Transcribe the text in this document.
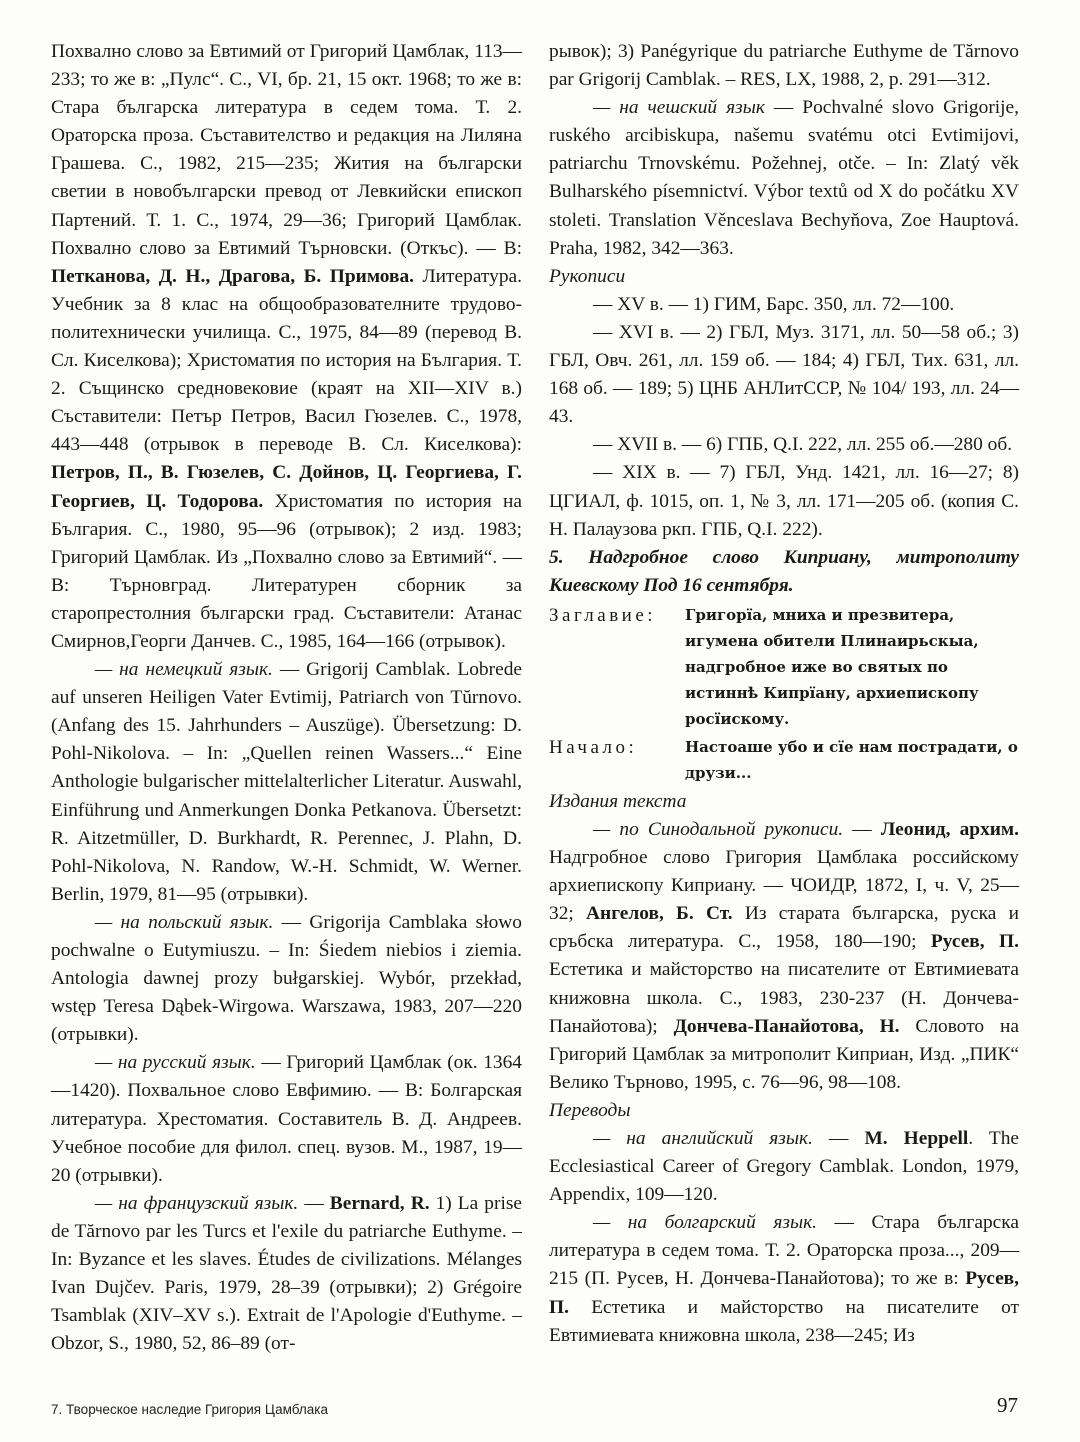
Похвално слово за Евтимий от Григорий Цамблак, 113—233; то же в: „Пулс“. С., VI, бр. 21, 15 окт. 1968; то же в: Стара българска литература в седем тома. Т. 2. Ораторска проза. Съставителство и редакция на Лиляна Грашева. С., 1982, 215—235; Жития на български светии в новобългарски превод от Левкийски епископ Партений. Т. 1. С., 1974, 29—36; Григорий Цамблак. Похвално слово за Евтимий Търновски. (Откъс). — В: Петканова, Д. Н., Драгова, Б. Примова. Литература. Учебник за 8 клас на общообразователните трудово-политехнически училища. С., 1975, 84—89 (перевод В. Сл. Киселкова); Христоматия по история на България. Т. 2. Същинско средновековие (краят на XII—XIV в.) Съставители: Петър Петров, Васил Гюзелев. С., 1978, 443—448 (отрывок в переводе В. Сл. Киселкова): Петров, П., В. Гюзелев, С. Дойнов, Ц. Георгиева, Г. Георгиев, Ц. Тодорова. Христоматия по история на България. С., 1980, 95—96 (отрывок); 2 изд. 1983; Григорий Цамблак. Из „Похвално слово за Евтимий“. — В: Търновград. Литературен сборник за старопрестолния български град. Съставители: Атанас Смирнов,Георги Данчев. С., 1985, 164—166 (отрывок).

— на немецкий язык. — Grigorij Camblak. Lobrede auf unseren Heiligen Vater Evtimij, Patriarch von Tŭrnovo. (Anfang des 15. Jahrhunders – Auszüge). Übersetzung: D. Pohl-Nikolova. – In: „Quellen reinen Wassers...“ Eine Anthologie bulgarischer mittelalterlicher Literatur. Auswahl, Einführung und Anmerkungen Donka Petkanova. Übersetzt: R. Aitzetmüller, D. Burkhardt, R. Perennec, J. Plahn, D. Pohl-Nikolova, N. Randow, W.-H. Schmidt, W. Werner. Berlin, 1979, 81—95 (отрывки).

— на польский язык. — Grigorija Camblaka słowo pochwalne o Eutymiuszu. – In: Śiedem niebios i ziemia. Antologia dawnej prozy bułgarskiej. Wybór, przekład, wstęp Teresa Dąbek-Wirgowa. Warszawa, 1983, 207—220 (отрывки).

— на русский язык. — Григорий Цамблак (ок. 1364—1420). Похвальное слово Евфимию. — В: Болгарская литература. Хрестоматия. Составитель В. Д. Андреев. Учебное пособие для филол. спец. вузов. М., 1987, 19—20 (отрывки).

— на французский язык. — Bernard, R. 1) La prise de Tărnovo par les Turcs et l'exile du patriarche Euthyme. – In: Byzance et les slaves. Études de civilizations. Mélanges Ivan Dujčev. Paris, 1979, 28–39 (отрывки); 2) Grégoire Tsamblak (XIV–XV s.). Extrait de l'Apologie d'Euthyme. – Obzor, S., 1980, 52, 86–89 (от-

рывок); 3) Panégyrique du patriarche Euthyme de Tărnovo par Grigorij Camblak. – RES, LX, 1988, 2, p. 291—312.

— на чешский язык — Pochvalné slovo Grigorije, ruského arcibiskupa, našemu svatému otci Evtimijovi, patriarchu Trnovskému. Požehnej, otče. – In: Zlatý věk Bulharského písemnictví. Výbor textů od X do počátku XV stoleti. Translation Věnceslava Bechyňova, Zoe Hauptová. Praha, 1982, 342—363.

Рукописи

— XV в. — 1) ГИМ, Барс. 350, лл. 72—100.

— XVI в. — 2) ГБЛ, Муз. 3171, лл. 50—58 об.; 3) ГБЛ, Овч. 261, лл. 159 об. — 184; 4) ГБЛ, Тих. 631, лл. 168 об. — 189; 5) ЦНБ АНЛитССР, № 104/ 193, лл. 24—43.

— XVII в. — 6) ГПБ, Q.I. 222, лл. 255 об.—280 об.

— XIX в. — 7) ГБЛ, Унд. 1421, лл. 16—27; 8) ЦГИАЛ, ф. 1015, оп. 1, № 3, лл. 171—205 об. (копия С. Н. Палаузова ркп. ГПБ, Q.I. 222).

5. Надгробное слово Киприану, митрополиту Киевскому Под 16 сентября.

Заглавие:	Григорїа, мниха и презвитера, игумена обители Плинаирьскыа, надгробное иже во святых по истиннѣ Кипрїану, архиепископу росїискому.
Начало:	Настоаше убо и сїе нам пострадати, о друзи...

Издания текста

— по Синодальной рукописи. — Леонид, архим. Надгробное слово Григория Цамблака российскому архиепископу Киприану. — ЧОИДР, 1872, I, ч. V, 25—32; Ангелов, Б. Ст. Из старата българска, руска и сръбска литература. С., 1958, 180—190; Русев, П. Естетика и майсторство на писателите от Евтимиевата книжовна школа. С., 1983, 230-237 (Н. Дончева-Панайотова); Дончева-Панайотова, Н. Словото на Григорий Цамблак за митрополит Киприан, Изд. „ПИК“ Велико Търново, 1995, с. 76—96, 98—108.

Переводы

— на английский язык. — M. Heppell. The Ecclesiastical Career of Gregory Camblak. London, 1979, Appendix, 109—120.

— на болгарский язык. — Стара българска литература в седем тома. Т. 2. Ораторска проза..., 209—215 (П. Русев, Н. Дончева-Панайотова); то же в: Русев, П. Естетика и майсторство на писателите от Евтимиевата книжовна школа, 238—245; Из

7. Творческое наследие Григория Цамблака	97
